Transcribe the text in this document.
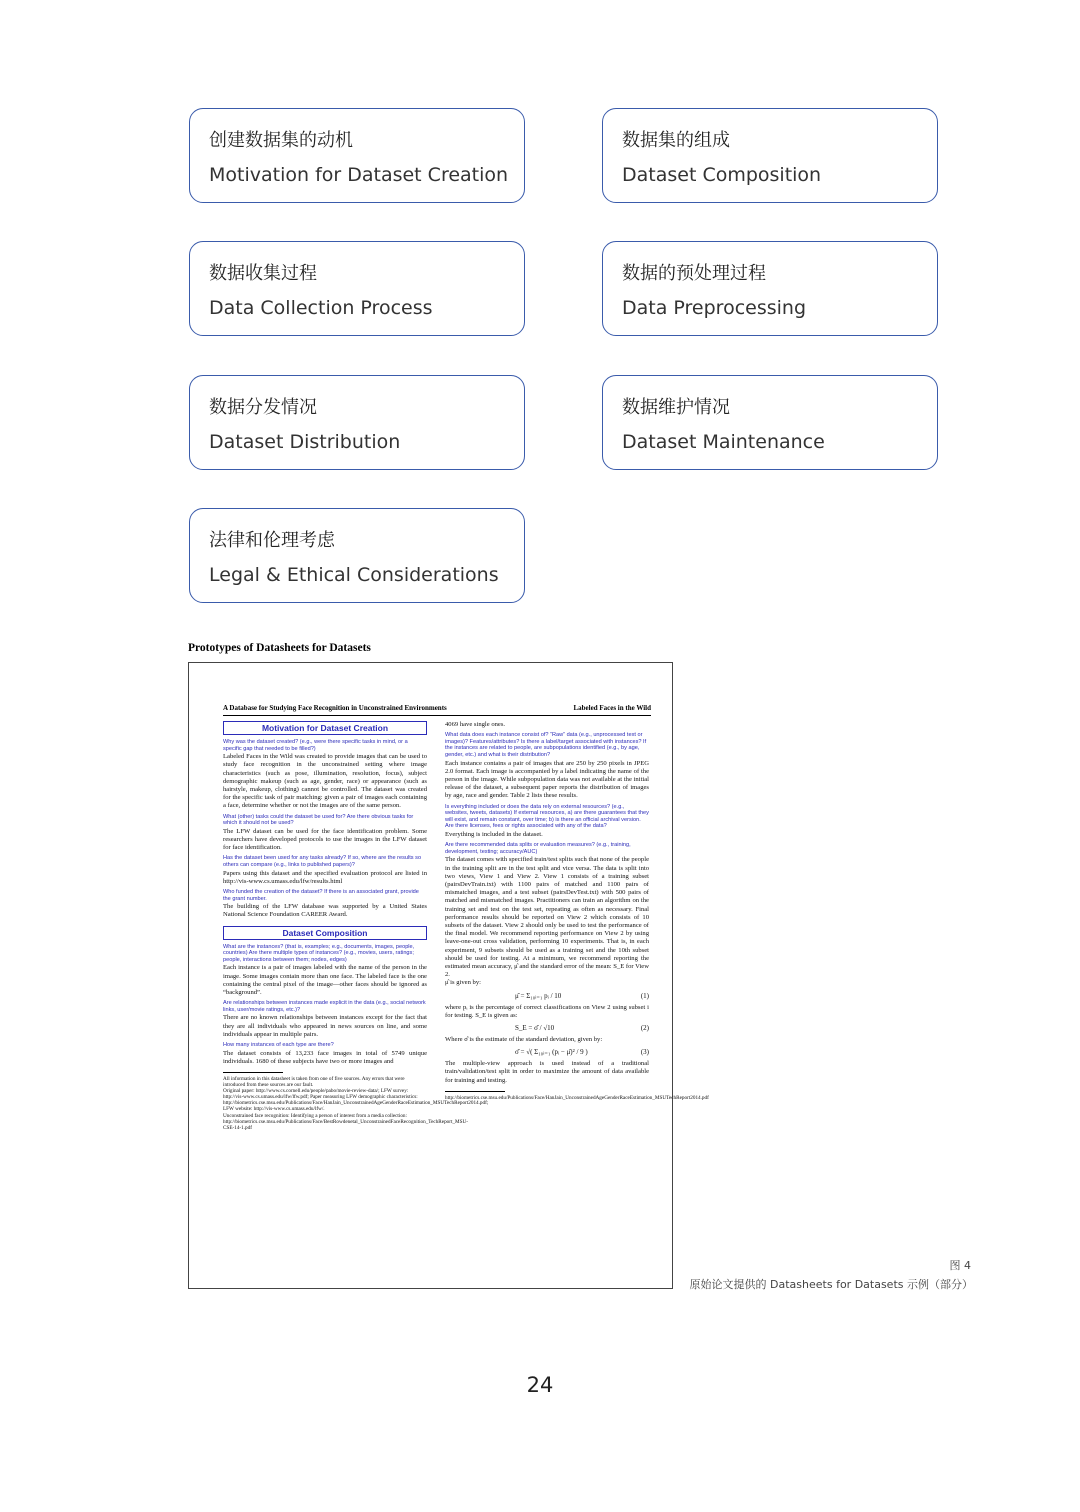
创建数据集的动机
Motivation for Dataset Creation
数据集的组成
Dataset Composition
数据收集过程
Data Collection Process
数据的预处理过程
Data Preprocessing
数据分发情况
Dataset Distribution
数据维护情况
Dataset Maintenance
法律和伦理考虑
Legal & Ethical Considerations
Prototypes of Datasheets for Datasets
A Database for Studying Face Recognition in Unconstrained Environments	Labeled Faces in the Wild
Motivation for Dataset Creation

Why was the dataset created? (e.g., were there specific tasks in mind, or a specific gap that needed to be filled?)

Labeled Faces in the Wild was created to provide images that can be used to study face recognition in the unconstrained setting where image characteristics (such as pose, illumination, resolution, focus), subject demographic makeup (such as age, gender, race) or appearance (such as hairstyle, makeup, clothing) cannot be controlled. The dataset was created for the specific task of pair matching: given a pair of images each containing a face, determine whether or not the images are of the same person.

What (other) tasks could the dataset be used for? Are there obvious tasks for which it should not be used?

The LFW dataset can be used for the face identification problem. Some researchers have developed protocols to use the images in the LFW dataset for face identification.

Has the dataset been used for any tasks already? If so, where are the results so others can compare (e.g., links to published papers)?

Papers using this dataset and the specified evaluation protocol are listed in http://vis-www.cs.umass.edu/lfw/results.html

Who funded the creation of the dataset? If there is an associated grant, provide the grant number.

The building of the LFW database was supported by a United States National Science Foundation CAREER Award.

Dataset Composition

What are the instances? (that is, examples; e.g., documents, images, people, countries) Are there multiple types of instances? (e.g., movies, users, ratings; people, interactions between them; nodes, edges)

Each instance is a pair of images labeled with the name of the person in the image. Some images contain more than one face. The labeled face is the one containing the central pixel of the image—other faces should be ignored as “background”.

Are relationships between instances made explicit in the data (e.g., social network links, user/movie ratings, etc.)?

There are no known relationships between instances except for the fact that they are all individuals who appeared in news sources on line, and some individuals appear in multiple pairs.

How many instances of each type are there?

The dataset consists of 13,233 face images in total of 5749 unique individuals. 1680 of these subjects have two or more images and

All information in this datasheet is taken from one of five sources. Any errors that were introduced from these sources are our fault.

Original paper: http://www.cs.cornell.edu/people/pabo/movie-review-data/; LFW survey: http://vis-www.cs.umass.edu/lfw/lfw.pdf; Paper measuring LFW demographic characteristics: http://biometrics.cse.msu.edu/Publications/Face/HanJain_UnconstrainedAgeGenderRaceEstimation_MSUTechReport2014.pdf; LFW website: http://vis-www.cs.umass.edu/lfw/.

Unconstrained face recognition: Identifying a person of interest from a media collection: http://biometrics.cse.msu.edu/Publications/Face/BestRowdenetal_UnconstrainedFaceRecognition_TechReport_MSU-CSE-14-1.pdf

4069 have single ones.

What data does each instance consist of? “Raw” data (e.g., unprocessed text or images)? Features/attributes? Is there a label/target associated with instances? If the instances are related to people, are subpopulations identified (e.g., by age, gender, etc.) and what is their distribution?

Each instance contains a pair of images that are 250 by 250 pixels in JPEG 2.0 format. Each image is accompanied by a label indicating the name of the person in the image. While subpopulation data was not available at the initial release of the dataset, a subsequent paper reports the distribution of images by age, race and gender. Table 2 lists these results.

Is everything included or does the data rely on external resources? (e.g., websites, tweets, datasets) If external resources, a) are there guarantees that they will exist, and remain constant, over time; b) is there an official archival version. Are there licenses, fees or rights associated with any of the data?

Everything is included in the dataset.

Are there recommended data splits or evaluation measures? (e.g., training, development, testing; accuracy/AUC)

The dataset comes with specified train/test splits such that none of the people in the training split are in the test split and vice versa. The data is split into two views, View 1 and View 2. View 1 consists of a training subset (pairsDevTrain.txt) with 1100 pairs of matched and 1100 pairs of mismatched images, and a test subset (pairsDevTest.txt) with 500 pairs of matched and mismatched images. Practitioners can train an algorithm on the training set and test on the test set, repeating as often as necessary. Final performance results should be reported on View 2 which consists of 10 subsets of the dataset. View 2 should only be used to test the performance of the final model. We recommend reporting performance on View 2 by using leave-one-out cross validation, performing 10 experiments. That is, in each experiment, 9 subsets should be used as a training set and the 10th subset should be used for testing. At a minimum, we recommend reporting the estimated mean accuracy, μ̂ and the standard error of the mean: S_E for View 2.

μ̂ is given by:

μ̂ = Σ₁₀ᵢ₌₁ pᵢ / 10	(1)

where pᵢ is the percentage of correct classifications on View 2 using subset i for testing. S_E is given as:

S_E = σ̂ / √10	(2)

Where σ̂ is the estimate of the standard deviation, given by:

σ̂ = √( Σ₁₀ᵢ₌₁ (pᵢ − μ̂)² / 9 )	(3)

The multiple-view approach is used instead of a traditional train/validation/test split in order to maximize the amount of data available for training and testing.

http://biometrics.cse.msu.edu/Publications/Face/HanJain_UnconstrainedAgeGenderRaceEstimation_MSUTechReport2014.pdf

图 4
原始论文提供的 Datasheets for Datasets 示例（部分）
24
